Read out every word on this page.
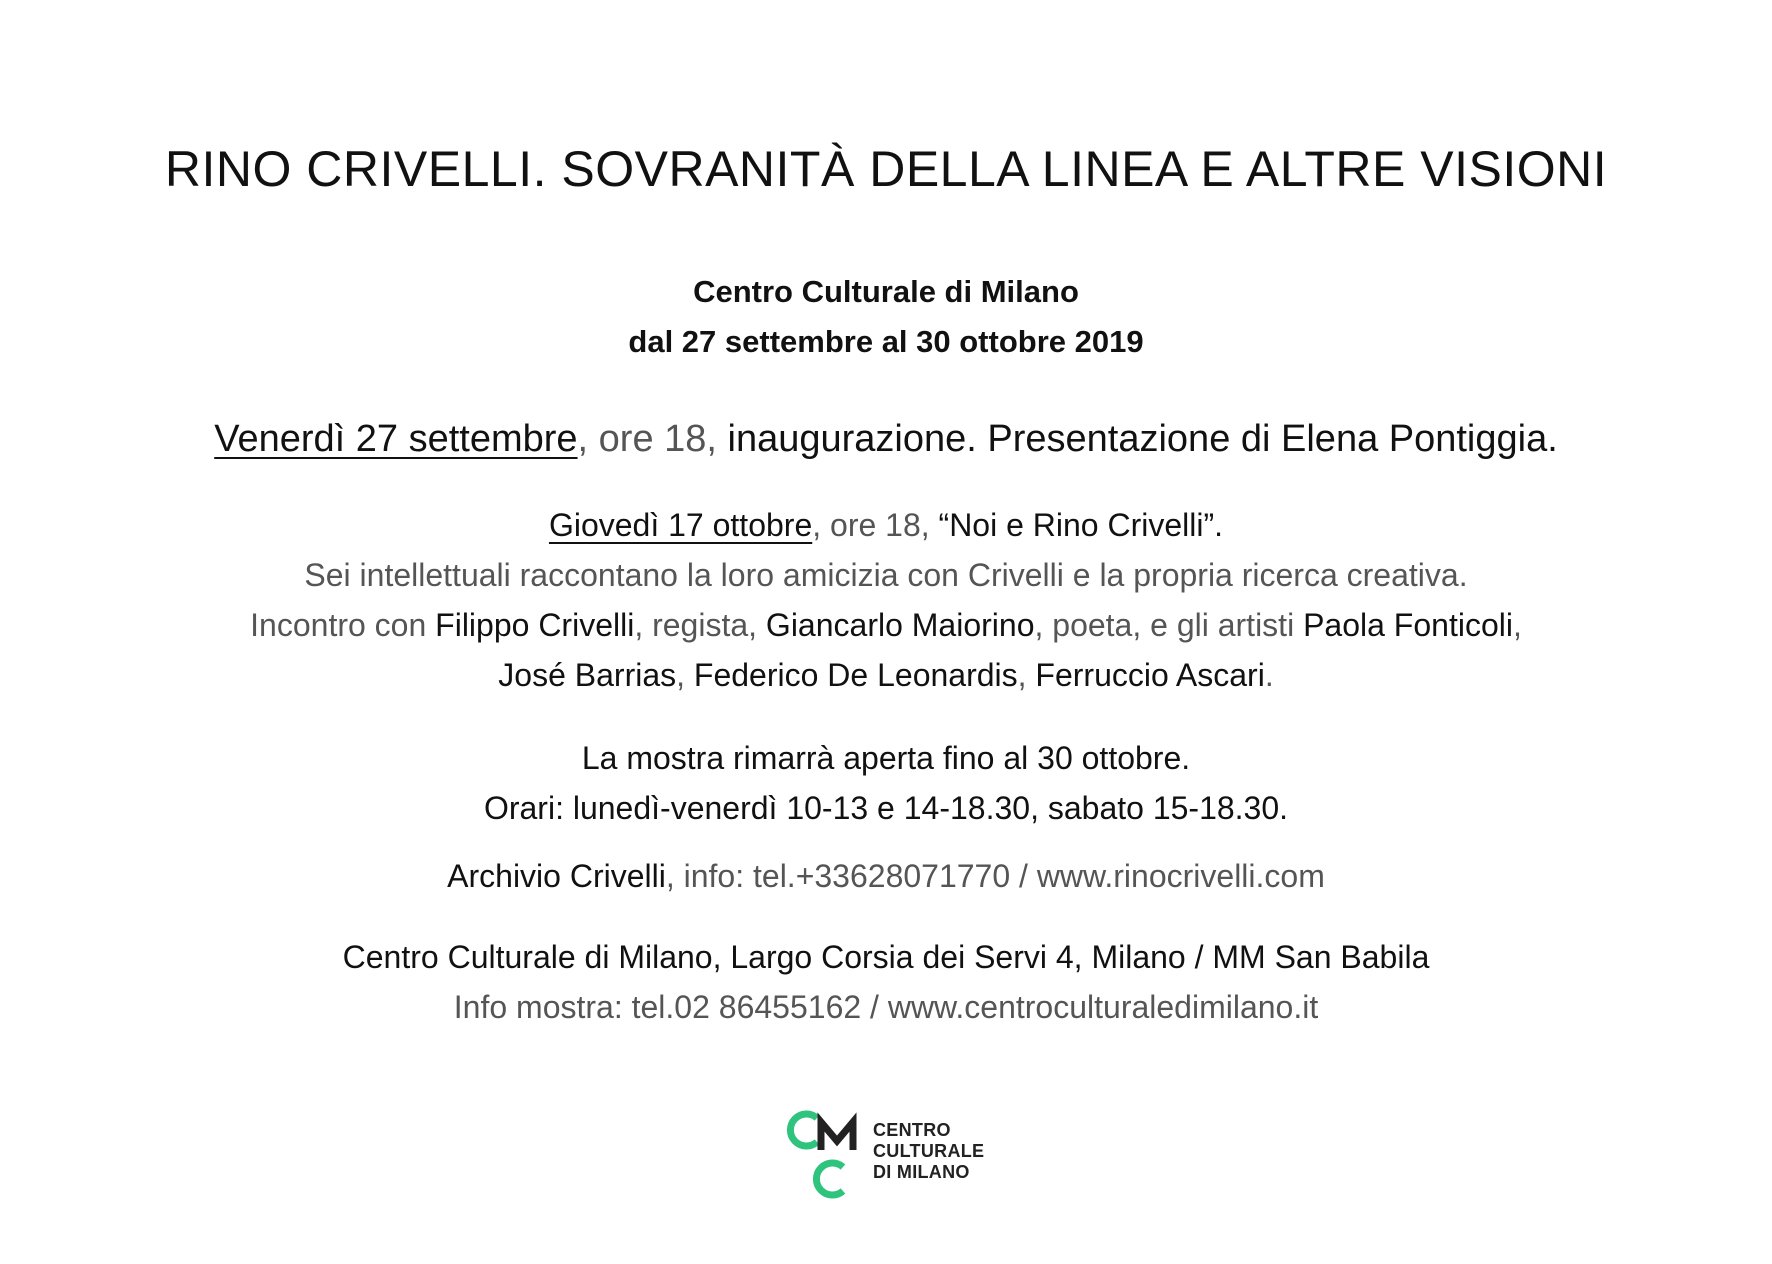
RINO CRIVELLI. SOVRANITÀ DELLA LINEA E ALTRE VISIONI
Centro Culturale di Milano
dal 27 settembre al 30 ottobre 2019
Venerdì 27 settembre, ore 18, inaugurazione. Presentazione di Elena Pontiggia.
Giovedì 17 ottobre, ore 18, “Noi e Rino Crivelli”.
Sei intellettuali raccontano la loro amicizia con Crivelli e la propria ricerca creativa.
Incontro con Filippo Crivelli, regista, Giancarlo Maiorino, poeta, e gli artisti Paola Fonticoli,
José Barrias, Federico De Leonardis, Ferruccio Ascari.
La mostra rimarrà aperta fino al 30 ottobre.
Orari: lunedì-venerdì 10-13 e 14-18.30, sabato 15-18.30.
Archivio Crivelli, info: tel.+33628071770 / www.rinocrivelli.com
Centro Culturale di Milano, Largo Corsia dei Servi 4, Milano / MM San Babila
Info mostra: tel.02 86455162 / www.centroculturaledimilano.it
CENTRO
CULTURALE
DI MILANO
